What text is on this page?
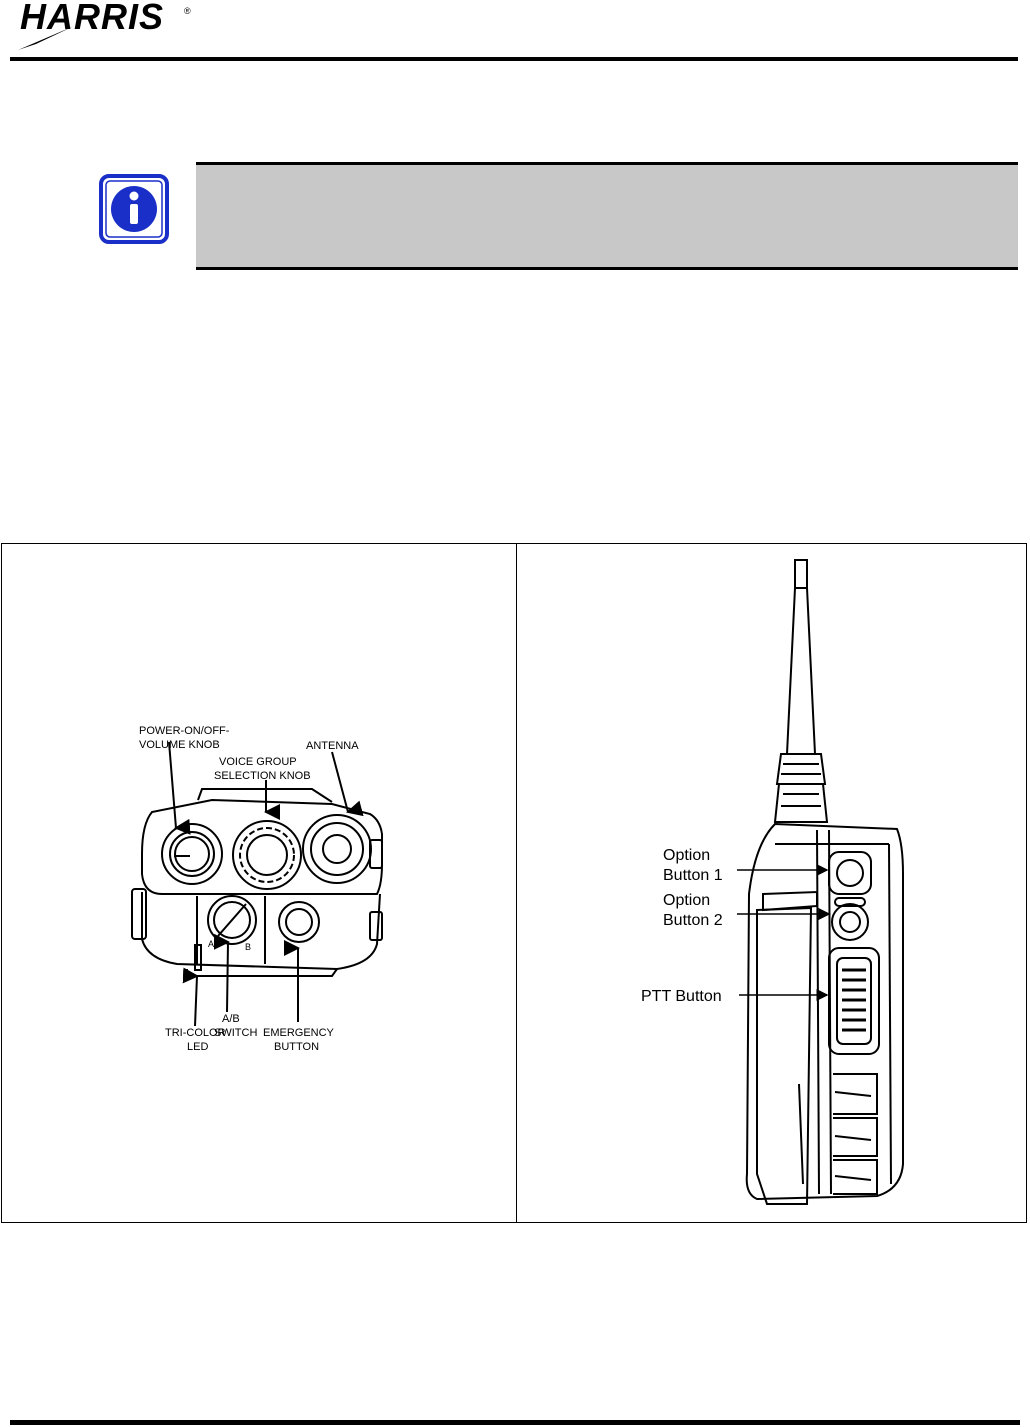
HARRIS ®
POWER-ON/OFF-
VOLUME KNOB
VOICE GROUP
SELECTION KNOB
ANTENNA
A	B
A/B
SWITCH
TRI-COLOR
LED
EMERGENCY
BUTTON
Option
Button 1
Option
Button 2
PTT Button
